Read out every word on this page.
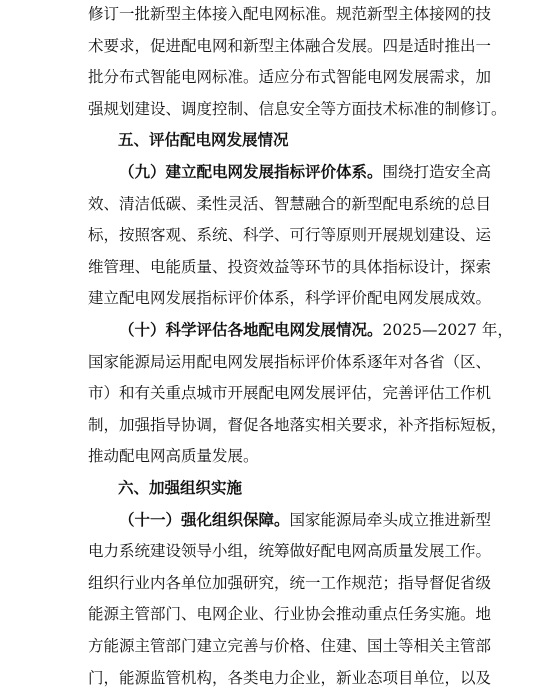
修订一批新型主体接入配电网标准。规范新型主体接网的技
术要求，促进配电网和新型主体融合发展。四是适时推出一
批分布式智能电网标准。适应分布式智能电网发展需求，加
强规划建设、调度控制、信息安全等方面技术标准的制修订。
五、评估配电网发展情况
（九）建立配电网发展指标评价体系。围绕打造安全高
效、清洁低碳、柔性灵活、智慧融合的新型配电系统的总目
标，按照客观、系统、科学、可行等原则开展规划建设、运
维管理、电能质量、投资效益等环节的具体指标设计，探索
建立配电网发展指标评价体系，科学评价配电网发展成效。
（十）科学评估各地配电网发展情况。2025—2027 年，
国家能源局运用配电网发展指标评价体系逐年对各省（区、
市）和有关重点城市开展配电网发展评估，完善评估工作机
制，加强指导协调，督促各地落实相关要求，补齐指标短板，
推动配电网高质量发展。
六、加强组织实施
（十一）强化组织保障。国家能源局牵头成立推进新型
电力系统建设领导小组，统筹做好配电网高质量发展工作。
组织行业内各单位加强研究，统一工作规范；指导督促省级
能源主管部门、电网企业、行业协会推动重点任务实施。地
方能源主管部门建立完善与价格、住建、国土等相关主管部
门，能源监管机构，各类电力企业，新业态项目单位，以及
